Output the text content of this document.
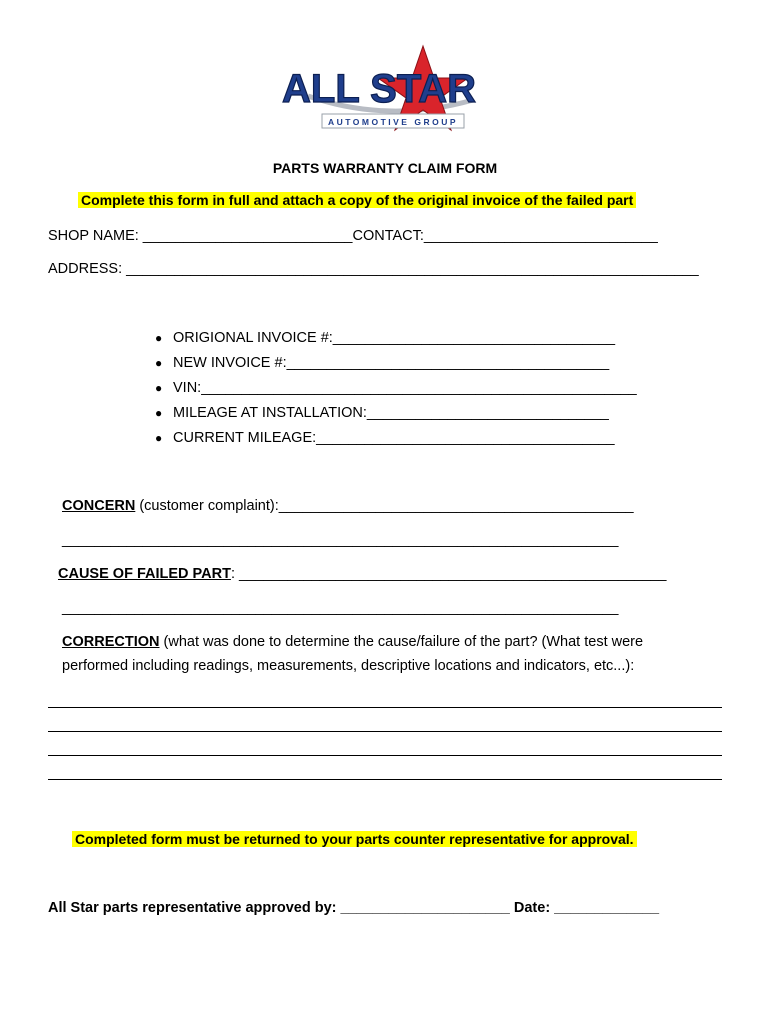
ALL STAR
AUTOMOTIVE GROUP
PARTS WARRANTY CLAIM FORM
Complete this form in full and attach a copy of the original invoice of the failed part
SHOP NAME: __________________________CONTACT:_____________________________
ADDRESS: _______________________________________________________________________
● ORIGIONAL INVOICE #:___________________________________
● NEW INVOICE #:________________________________________
● VIN:______________________________________________________
● MILEAGE AT INSTALLATION:______________________________
● CURRENT MILEAGE:_____________________________________
CONCERN (customer complaint):____________________________________________
_____________________________________________________________________
CAUSE OF FAILED PART: _____________________________________________________
_____________________________________________________________________
CORRECTION (what was done to determine the cause/failure of the part? (What test were
performed including readings, measurements, descriptive locations and indicators, etc...):
Completed form must be returned to your parts counter representative for approval.
All Star parts representative approved by: _____________________ Date: _____________
